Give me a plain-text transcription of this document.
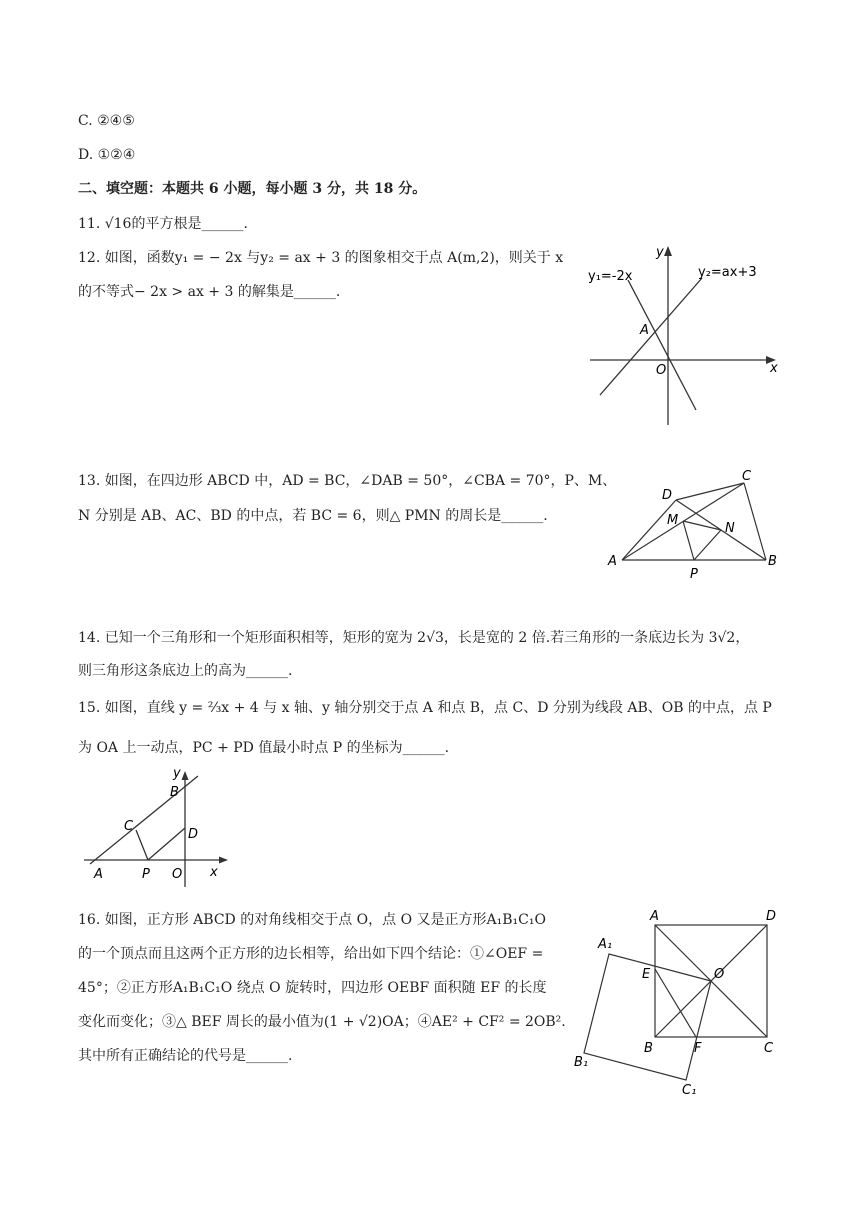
C. ②④⑤
D. ①②④
二、填空题：本题共 6 小题，每小题 3 分，共 18 分。
11. √16的平方根是______.
12. 如图，函数y₁ = − 2x 与y₂ = ax + 3 的图象相交于点 A(m,2)，则关于 x
的不等式− 2x > ax + 3 的解集是______.
y₁=-2x	y₂=ax+3
y
x
A
O
13. 如图，在四边形 ABCD 中，AD = BC，∠DAB = 50°，∠CBA = 70°，P、M、
N 分别是 AB、AC、BD 的中点，若 BC = 6，则△ PMN 的周长是______.
A	B
C
D
M
N
P
14. 已知一个三角形和一个矩形面积相等，矩形的宽为 2√3，长是宽的 2 倍.若三角形的一条底边长为 3√2，
则三角形这条底边上的高为______.
15. 如图，直线 y = ⅔x + 4 与 x 轴、y 轴分别交于点 A 和点 B，点 C、D 分别为线段 AB、OB 的中点，点 P
为 OA 上一动点，PC + PD 值最小时点 P 的坐标为______.
y
B
C
D
A	P O x
16. 如图，正方形 ABCD 的对角线相交于点 O，点 O 又是正方形A₁B₁C₁O
的一个顶点而且这两个正方形的边长相等，给出如下四个结论：①∠OEF =
45°；②正方形A₁B₁C₁O 绕点 O 旋转时，四边形 OEBF 面积随 EF 的长度
变化而变化；③△ BEF 周长的最小值为(1 + √2)OA；④AE² + CF² = 2OB².
其中所有正确结论的代号是______.
A	D
A₁
E	O
B	F	C
B₁
C₁
